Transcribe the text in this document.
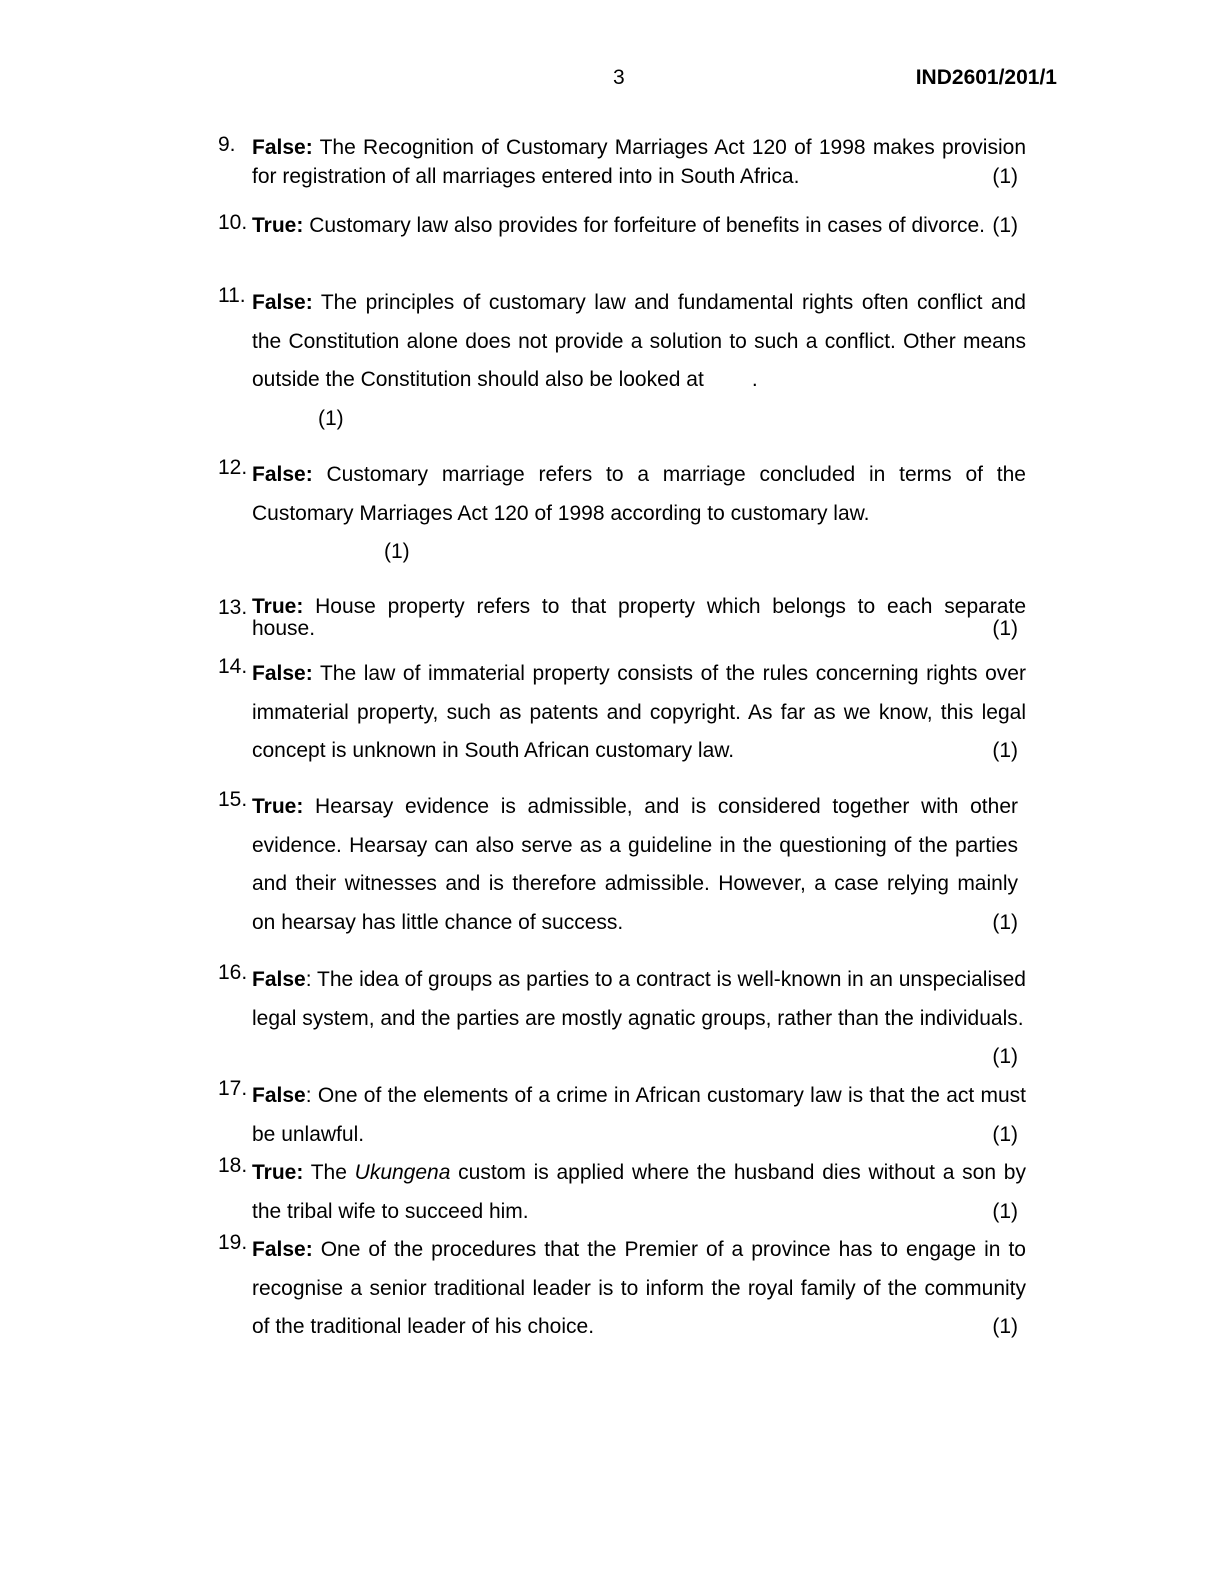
3	IND2601/201/1
9. False: The Recognition of Customary Marriages Act 120 of 1998 makes provision for registration of all marriages entered into in South Africa.	(1)
10. True: Customary law also provides for forfeiture of benefits in cases of divorce. (1)
11. False: The principles of customary law and fundamental rights often conflict and the Constitution alone does not provide a solution to such a conflict. Other means outside the Constitution should also be looked at .
(1)
12. False: Customary marriage refers to a marriage concluded in terms of the Customary Marriages Act 120 of 1998 according to customary law.
(1)
13. True: House property refers to that property which belongs to each separate house.	(1)
14. False: The law of immaterial property consists of the rules concerning rights over immaterial property, such as patents and copyright. As far as we know, this legal concept is unknown in South African customary law.	(1)
15. True: Hearsay evidence is admissible, and is considered together with other evidence. Hearsay can also serve as a guideline in the questioning of the parties and their witnesses and is therefore admissible. However, a case relying mainly on hearsay has little chance of success.	(1)
16. False: The idea of groups as parties to a contract is well-known in an unspecialised legal system, and the parties are mostly agnatic groups, rather than the individuals.
(1)
17. False: One of the elements of a crime in African customary law is that the act must be unlawful.	(1)
18. True: The Ukungena custom is applied where the husband dies without a son by the tribal wife to succeed him.	(1)
19. False: One of the procedures that the Premier of a province has to engage in to recognise a senior traditional leader is to inform the royal family of the community of the traditional leader of his choice.	(1)
